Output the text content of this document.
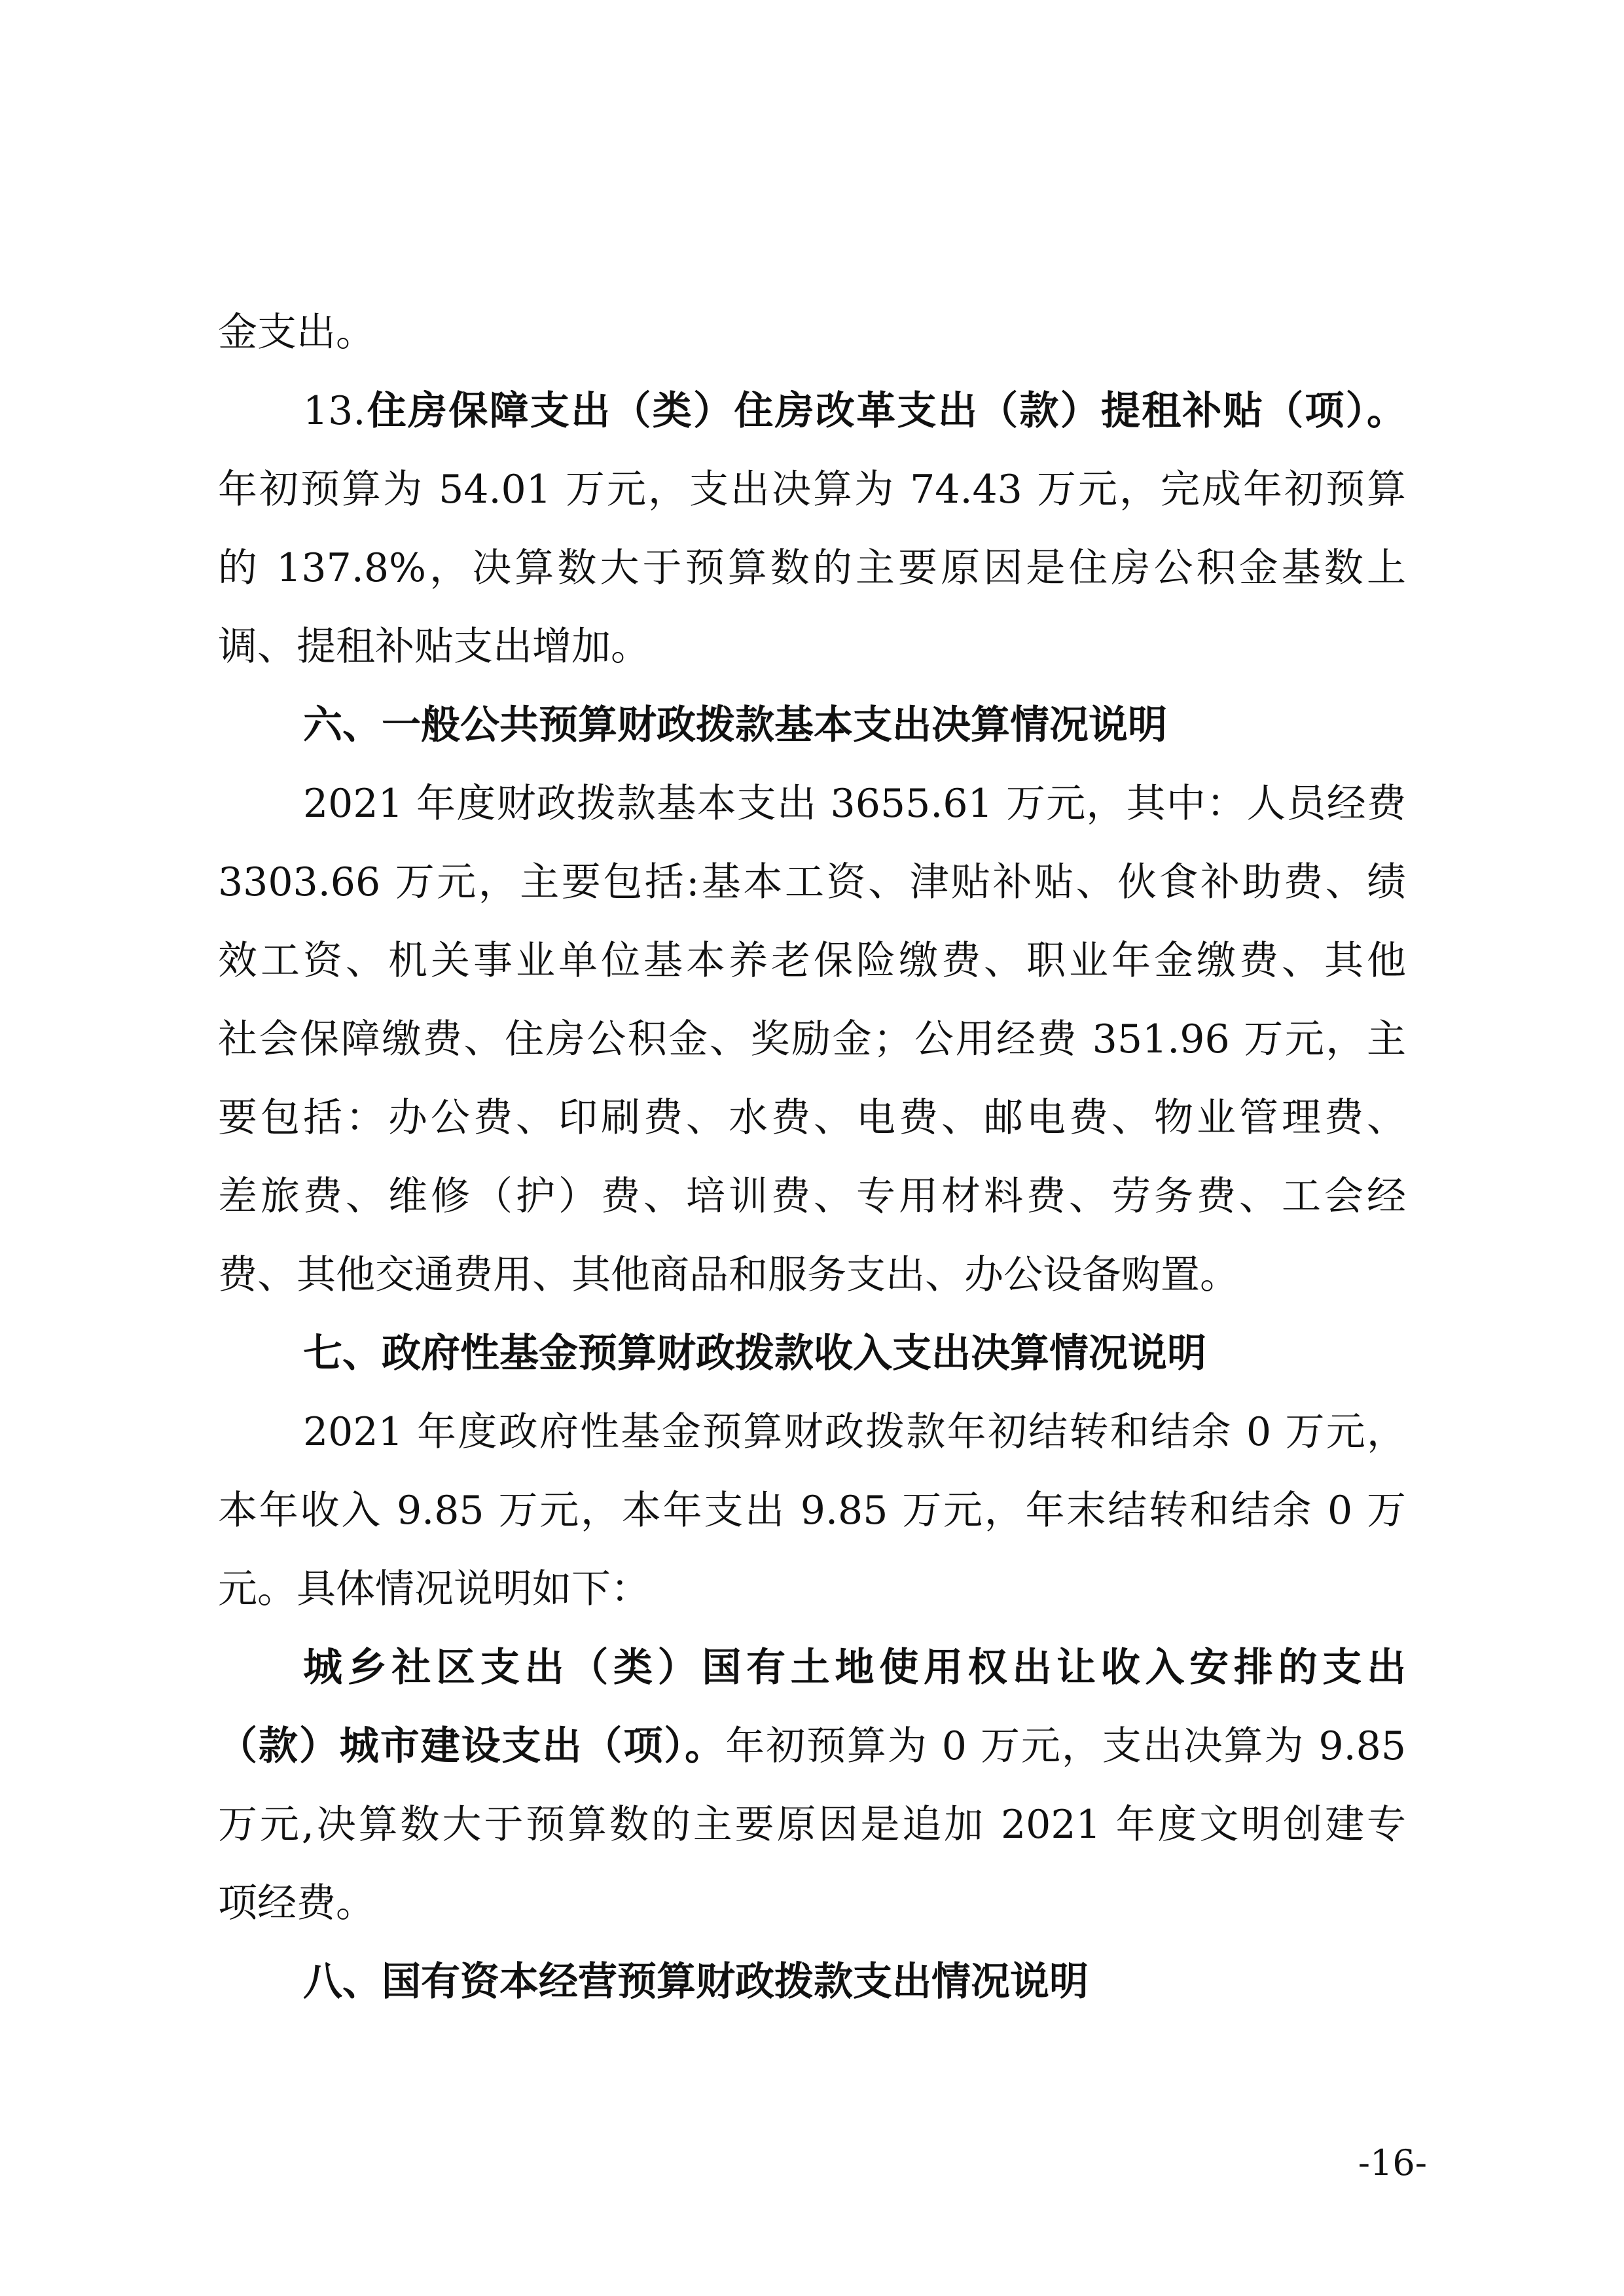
金支出。
13.住房保障支出（类）住房改革支出（款）提租补贴（项）。
年初预算为 54.01 万元，支出决算为 74.43 万元，完成年初预算
的 137.8%，决算数大于预算数的主要原因是住房公积金基数上
调、提租补贴支出增加。
六、一般公共预算财政拨款基本支出决算情况说明
2021 年度财政拨款基本支出 3655.61 万元，其中：人员经费
3303.66 万元，主要包括:基本工资、津贴补贴、伙食补助费、绩
效工资、机关事业单位基本养老保险缴费、职业年金缴费、其他
社会保障缴费、住房公积金、奖励金；公用经费 351.96 万元，主
要包括：办公费、印刷费、水费、电费、邮电费、物业管理费、
差旅费、维修（护）费、培训费、专用材料费、劳务费、工会经
费、其他交通费用、其他商品和服务支出、办公设备购置。
七、政府性基金预算财政拨款收入支出决算情况说明
2021 年度政府性基金预算财政拨款年初结转和结余 0 万元，
本年收入 9.85 万元，本年支出 9.85 万元，年末结转和结余 0 万
元。具体情况说明如下：
城乡社区支出（类）国有土地使用权出让收入安排的支出
（款）城市建设支出（项）。年初预算为 0 万元，支出决算为 9.85
万元,决算数大于预算数的主要原因是追加 2021 年度文明创建专
项经费。
八、国有资本经营预算财政拨款支出情况说明
-16-
